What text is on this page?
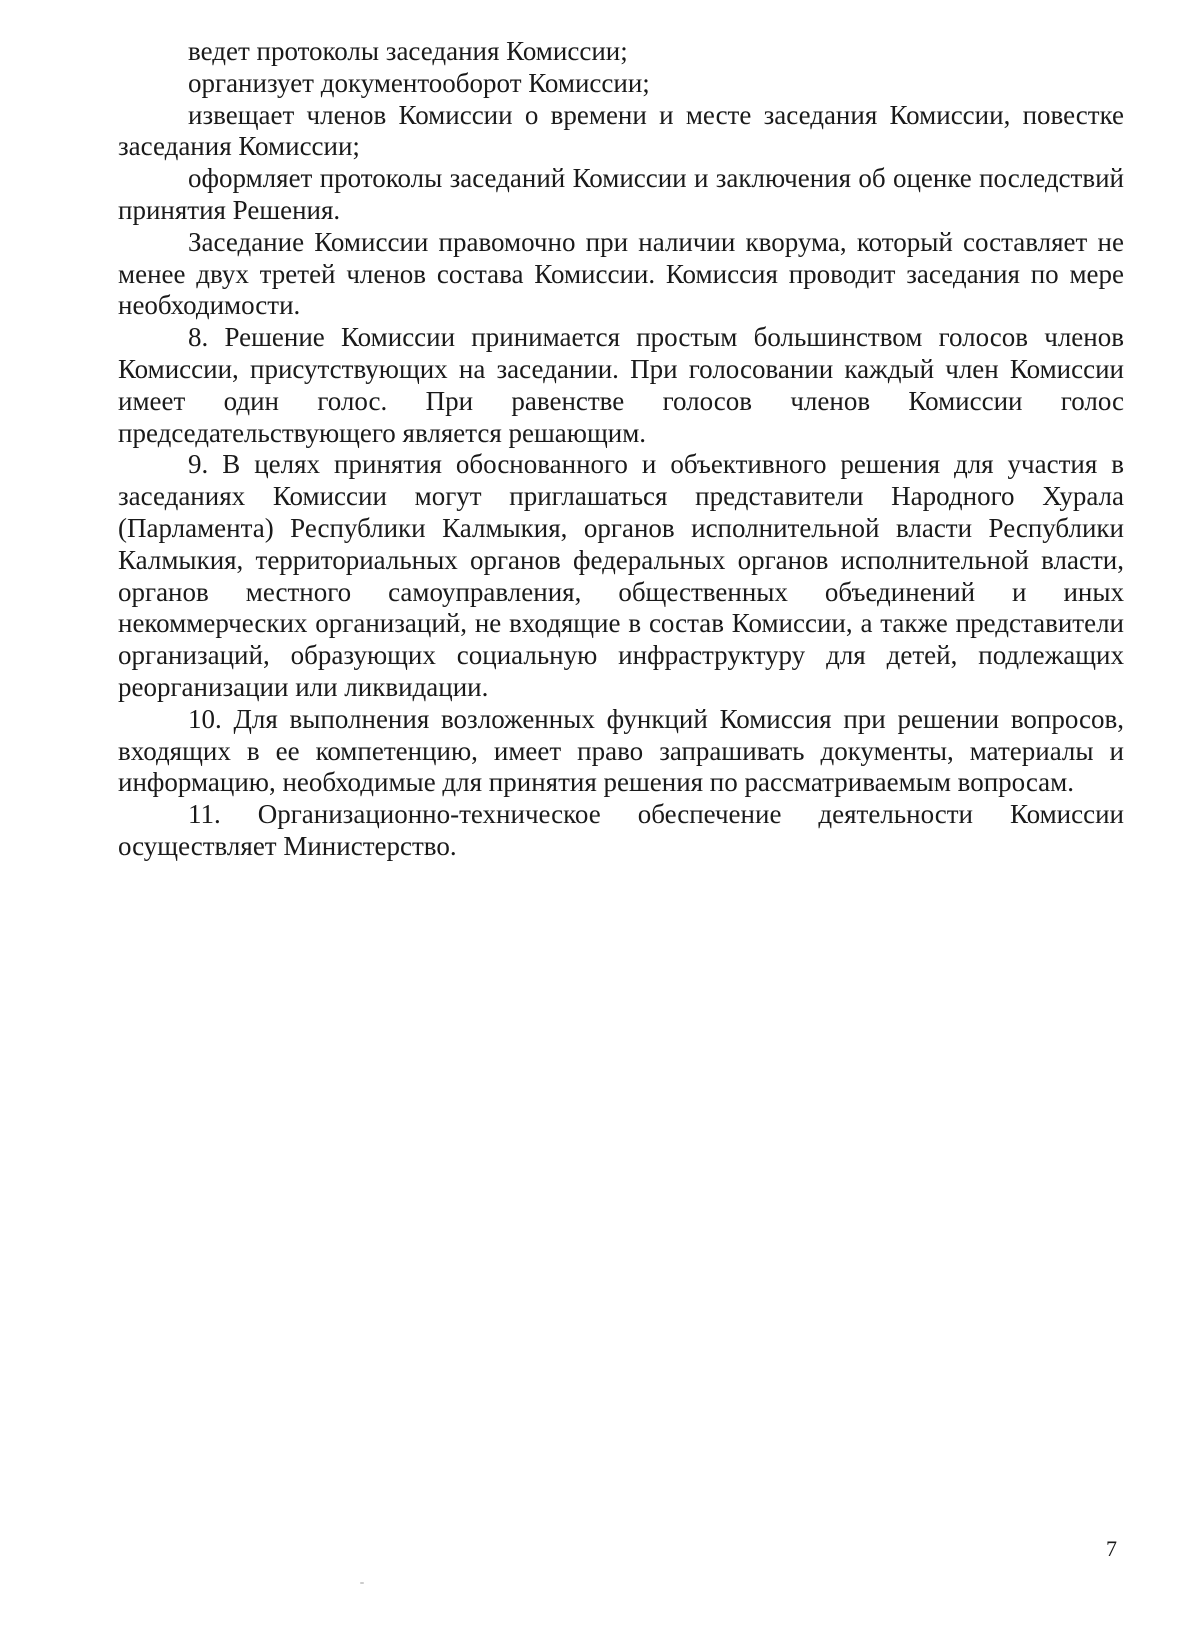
ведет протоколы заседания Комиссии;

организует документооборот Комиссии;

извещает членов Комиссии о времени и месте заседания Комиссии, повестке заседания Комиссии;

оформляет протоколы заседаний Комиссии и заключения об оценке последствий принятия Решения.

Заседание Комиссии правомочно при наличии кворума, который составляет не менее двух третей членов состава Комиссии. Комиссия проводит заседания по мере необходимости.

8. Решение Комиссии принимается простым большинством голосов членов Комиссии, присутствующих на заседании. При голосовании каждый член Комиссии имеет один голос. При равенстве голосов членов Комиссии голос председательствующего является решающим.

9. В целях принятия обоснованного и объективного решения для участия в заседаниях Комиссии могут приглашаться представители Народного Хурала (Парламента) Республики Калмыкия, органов исполнительной власти Республики Калмыкия, территориальных органов федеральных органов исполнительной власти, органов местного самоуправления, общественных объединений и иных некоммерческих организаций, не входящие в состав Комиссии, а также представители организаций, образующих социальную инфраструктуру для детей, подлежащих реорганизации или ликвидации.

10. Для выполнения возложенных функций Комиссия при решении вопросов, входящих в ее компетенцию, имеет право запрашивать документы, материалы и информацию, необходимые для принятия решения по рассматриваемым вопросам.

11. Организационно-техническое обеспечение деятельности Комиссии осуществляет Министерство.

7
